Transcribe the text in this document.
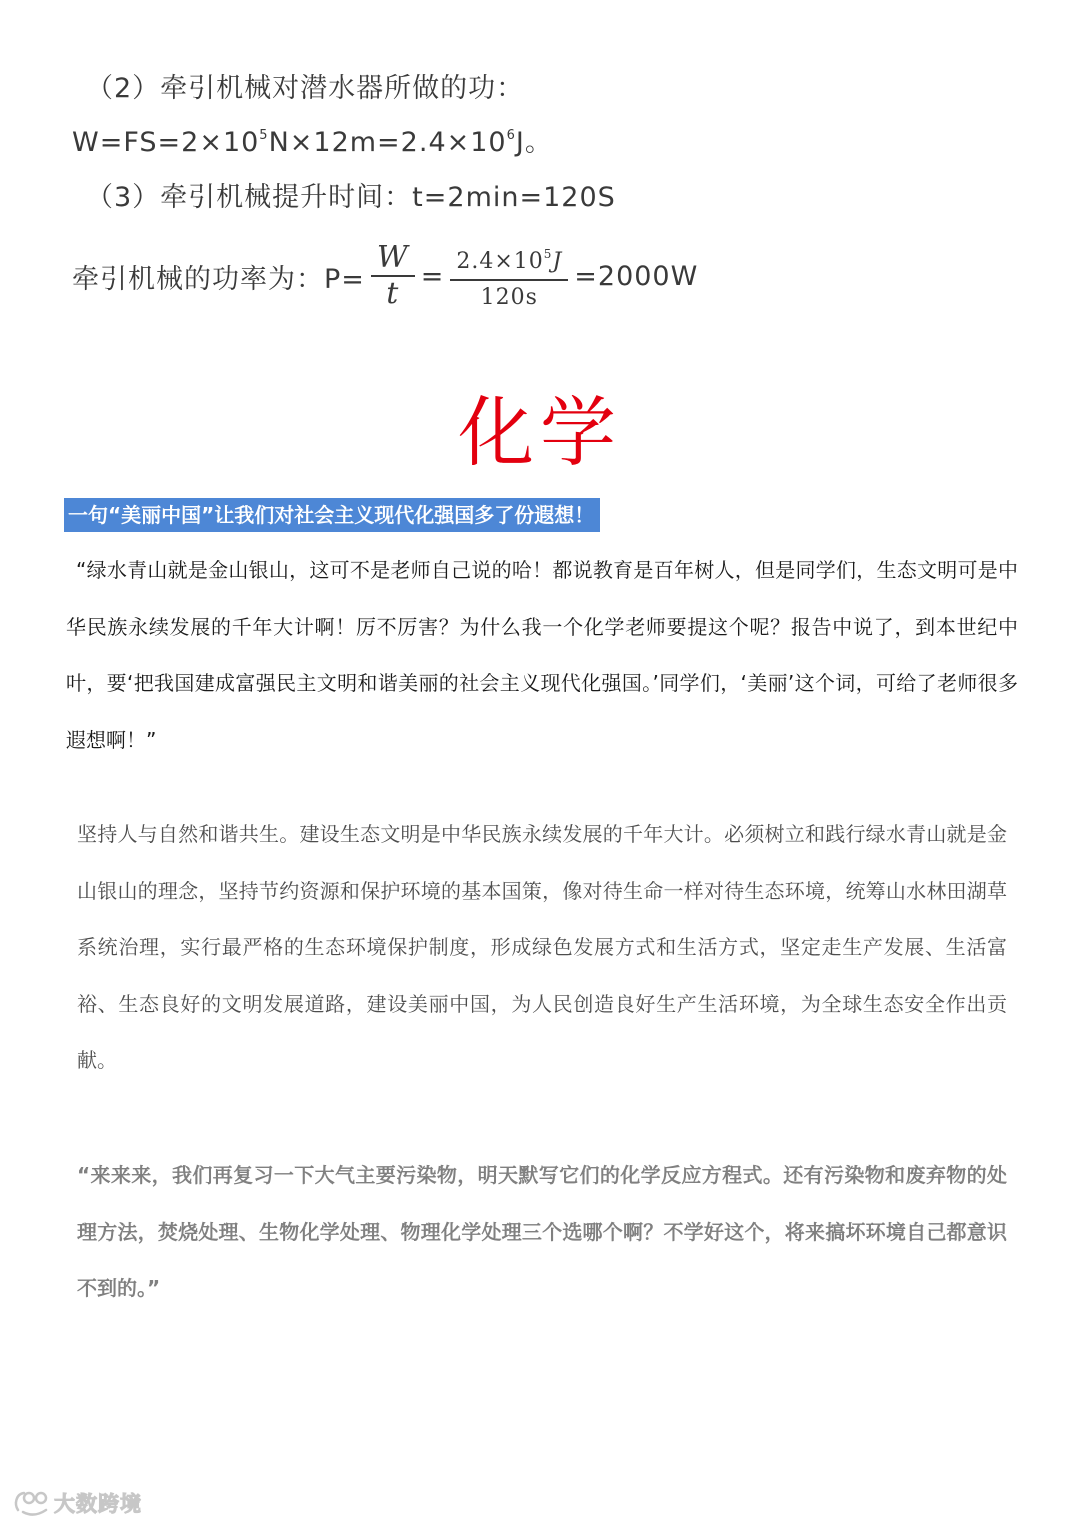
（2）牵引机械对潜水器所做的功：
$W=FS=2\times 10^5N\times 12m=2.4\times 10^6J$。
（3）牵引机械提升时间：t=2min=120S
牵引机械的功率为：$P= \frac{W}{t} = \frac{2.4\times 10^5J}{120s} =2000W$
化学
一句“美丽中国”让我们对社会主义现代化强国多了份遐想！

“绿水青山就是金山银山，这可不是老师自己说的哈！都说教育是百年树人，但是同学们，生态文明可是中华民族永续发展的千年大计啊！厉不厉害？为什么我一个化学老师要提这个呢？报告中说了，到本世纪中叶，要‘把我国建成富强民主文明和谐美丽的社会主义现代化强国。’同学们，‘美丽’这个词，可给了老师很多遐想啊！”

坚持人与自然和谐共生。建设生态文明是中华民族永续发展的千年大计。必须树立和践行绿水青山就是金山银山的理念，坚持节约资源和保护环境的基本国策，像对待生命一样对待生态环境，统筹山水林田湖草系统治理，实行最严格的生态环境保护制度，形成绿色发展方式和生活方式，坚定走生产发展、生活富裕、生态良好的文明发展道路，建设美丽中国，为人民创造良好生产生活环境，为全球生态安全作出贡献。

“来来来，我们再复习一下大气主要污染物，明天默写它们的化学反应方程式。还有污染物和废弃物的处理方法，焚烧处理、生物化学处理、物理化学处理三个选哪个啊？不学好这个，将来搞坏环境自己都意识不到的。”

大数跨境
